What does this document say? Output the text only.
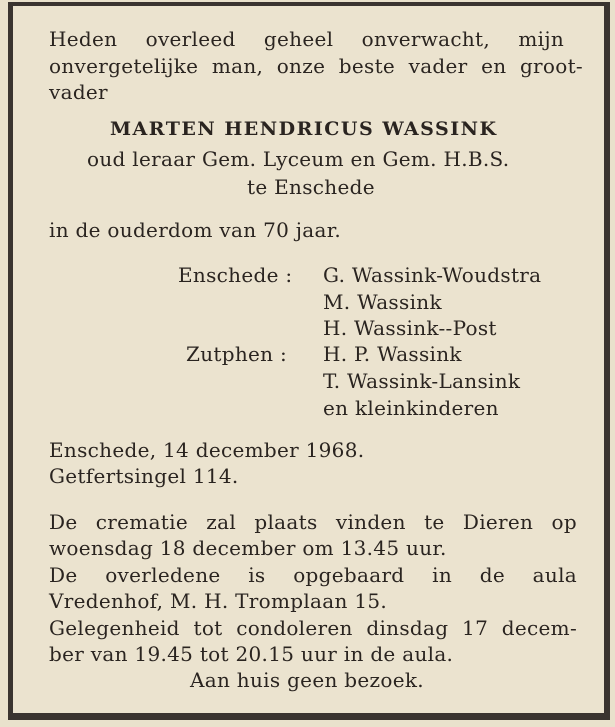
Heden overleed geheel onverwacht, mijn
onvergetelijke man, onze beste vader en groot-
vader
MARTEN HENDRICUS WASSINK
oud leraar Gem. Lyceum en Gem. H.B.S.
te Enschede
in de ouderdom van 70 jaar.
Enschede : G. Wassink-Woudstra
M. Wassink
H. Wassink--Post
Zutphen : H. P. Wassink
T. Wassink-Lansink
en kleinkinderen
Enschede, 14 december 1968.
Getfertsingel 114.
De crematie zal plaats vinden te Dieren op
woensdag 18 december om 13.45 uur.
De overledene is opgebaard in de aula
Vredenhof, M. H. Tromplaan 15.
Gelegenheid tot condoleren dinsdag 17 decem-
ber van 19.45 tot 20.15 uur in de aula.
Aan huis geen bezoek.
